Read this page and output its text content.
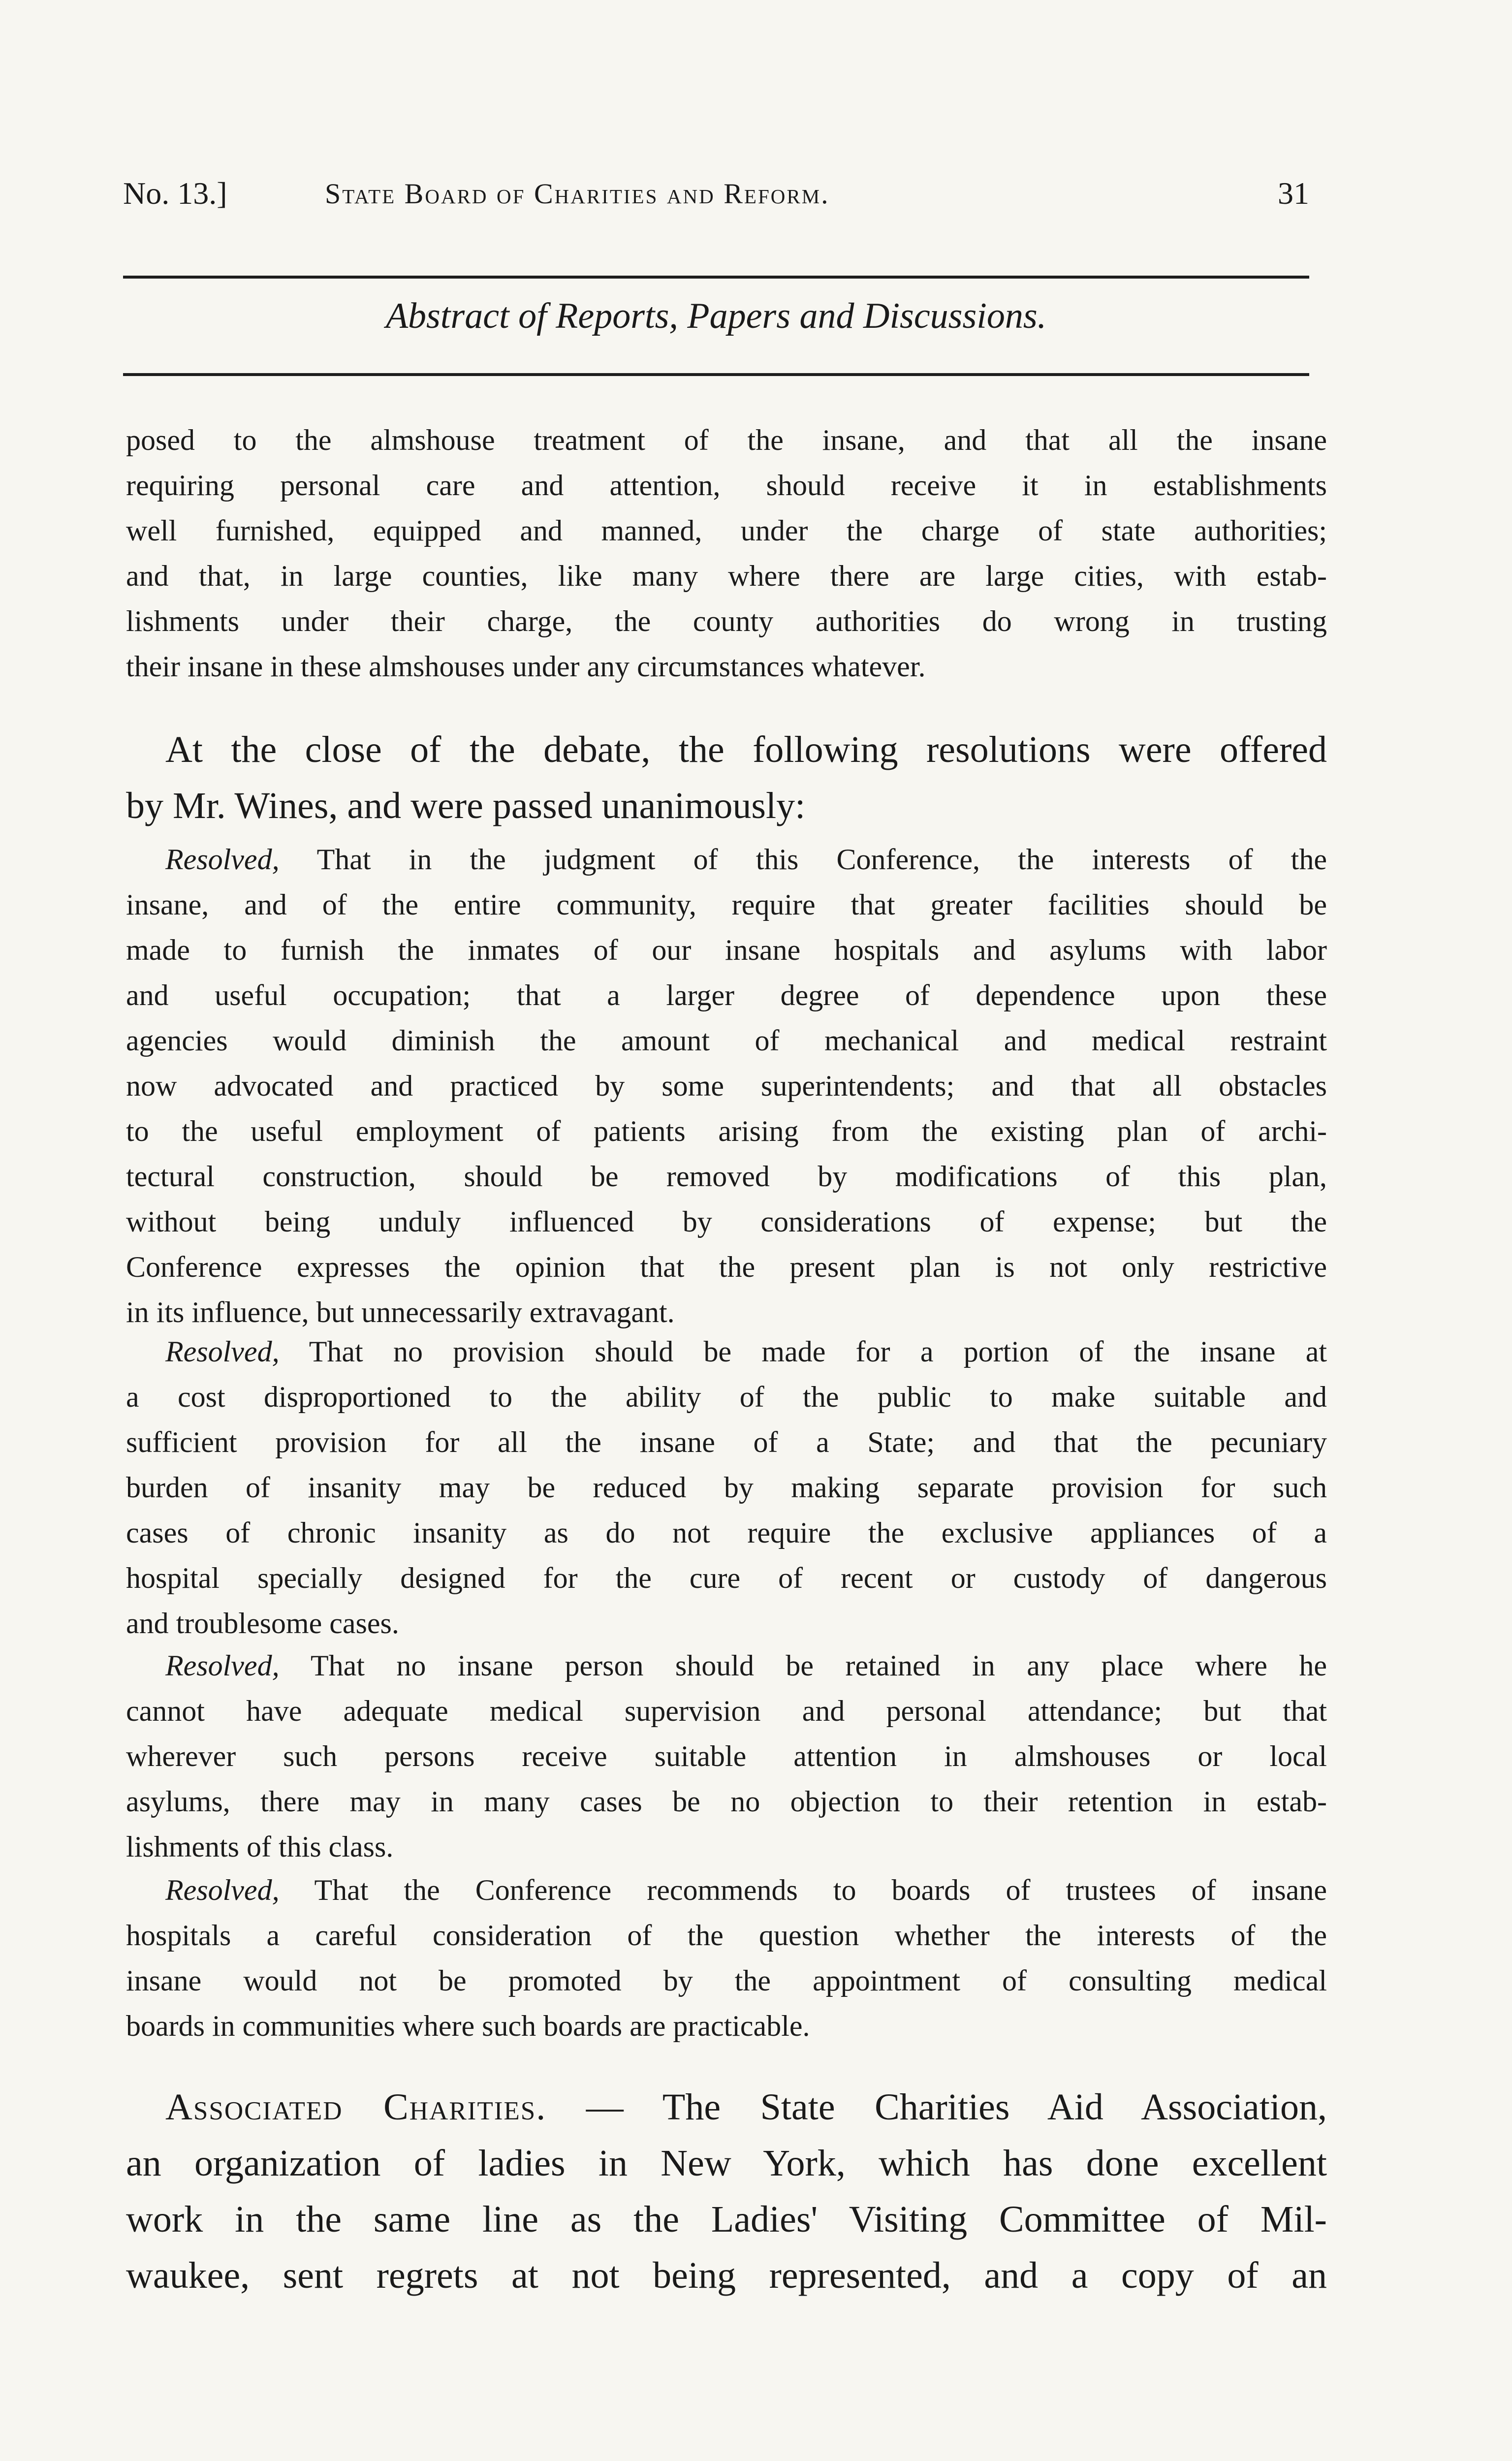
No. 13.]	State Board of Charities and Reform.	31
Abstract of Reports, Papers and Discussions.
posed to the almshouse treatment of the insane, and that all the insane
requiring personal care and attention, should receive it in establishments
well furnished, equipped and manned, under the charge of state authorities;
and that, in large counties, like many where there are large cities, with estab-
lishments under their charge, the county authorities do wrong in trusting
their insane in these almshouses under any circumstances whatever.
At the close of the debate, the following resolutions were offered
by Mr. Wines, and were passed unanimously:
Resolved, That in the judgment of this Conference, the interests of the
insane, and of the entire community, require that greater facilities should be
made to furnish the inmates of our insane hospitals and asylums with labor
and useful occupation; that a larger degree of dependence upon these
agencies would diminish the amount of mechanical and medical restraint
now advocated and practiced by some superintendents; and that all obstacles
to the useful employment of patients arising from the existing plan of archi-
tectural construction, should be removed by modifications of this plan,
without being unduly influenced by considerations of expense; but the
Conference expresses the opinion that the present plan is not only restrictive
in its influence, but unnecessarily extravagant.
Resolved, That no provision should be made for a portion of the insane at
a cost disproportioned to the ability of the public to make suitable and
sufficient provision for all the insane of a State; and that the pecuniary
burden of insanity may be reduced by making separate provision for such
cases of chronic insanity as do not require the exclusive appliances of a
hospital specially designed for the cure of recent or custody of dangerous
and troublesome cases.
Resolved, That no insane person should be retained in any place where he
cannot have adequate medical supervision and personal attendance; but that
wherever such persons receive suitable attention in almshouses or local
asylums, there may in many cases be no objection to their retention in estab-
lishments of this class.
Resolved, That the Conference recommends to boards of trustees of insane
hospitals a careful consideration of the question whether the interests of the
insane would not be promoted by the appointment of consulting medical
boards in communities where such boards are practicable.
Associated Charities. — The State Charities Aid Association,
an organization of ladies in New York, which has done excellent
work in the same line as the Ladies' Visiting Committee of Mil-
waukee, sent regrets at not being represented, and a copy of an
